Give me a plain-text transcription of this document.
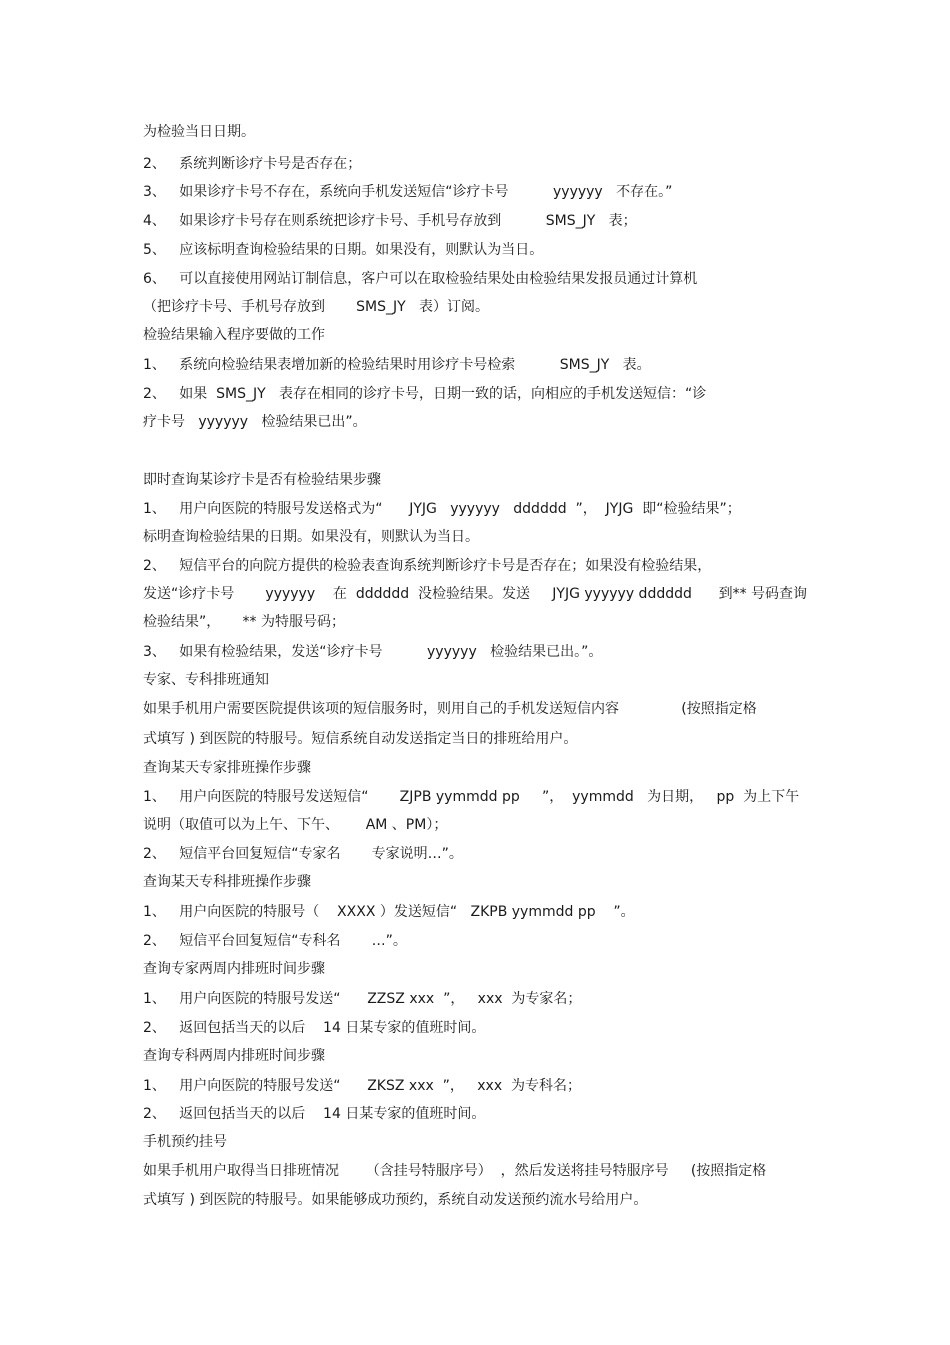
为检验当日日期。
2、   系统判断诊疗卡号是否存在；
3、   如果诊疗卡号不存在，系统向手机发送短信“诊疗卡号          yyyyyy   不存在。”
4、   如果诊疗卡号存在则系统把诊疗卡号、手机号存放到          SMS_JY   表；
5、   应该标明查询检验结果的日期。如果没有，则默认为当日。
6、   可以直接使用网站订制信息，客户可以在取检验结果处由检验结果发报员通过计算机
（把诊疗卡号、手机号存放到       SMS_JY   表）订阅。
检验结果输入程序要做的工作
1、   系统向检验结果表增加新的检验结果时用诊疗卡号检索          SMS_JY   表。
2、   如果  SMS_JY   表存在相同的诊疗卡号，日期一致的话，向相应的手机发送短信：“诊
疗卡号   yyyyyy   检验结果已出”。
即时查询某诊疗卡是否有检验结果步骤
1、   用户向医院的特服号发送格式为“      JYJG   yyyyyy   dddddd  ”，  JYJG  即“检验结果”；
标明查询检验结果的日期。如果没有，则默认为当日。
2、   短信平台的向院方提供的检验表查询系统判断诊疗卡号是否存在；如果没有检验结果，
发送“诊疗卡号       yyyyyy    在  dddddd  没检验结果。发送     JYJG yyyyyy dddddd      到** 号码查询
检验结果”，     ** 为特服号码；
3、   如果有检验结果，发送“诊疗卡号          yyyyyy   检验结果已出。”。
专家、专科排班通知
如果手机用户需要医院提供该项的短信服务时，则用自己的手机发送短信内容              (按照指定格
式填写 ) 到医院的特服号。短信系统自动发送指定当日的排班给用户。
查询某天专家排班操作步骤
1、   用户向医院的特服号发送短信“       ZJPB yymmdd pp     ”，  yymmdd   为日期，   pp  为上下午
说明（取值可以为上午、下午、      AM 、PM）；
2、   短信平台回复短信“专家名       专家说明…”。
查询某天专科排班操作步骤
1、   用户向医院的特服号（    XXXX ）发送短信“   ZKPB yymmdd pp    ”。
2、   短信平台回复短信“专科名       …”。
查询专家两周内排班时间步骤
1、   用户向医院的特服号发送“      ZZSZ xxx  ”，   xxx  为专家名；
2、   返回包括当天的以后    14 日某专家的值班时间。
查询专科两周内排班时间步骤
1、   用户向医院的特服号发送“      ZKSZ xxx  ”，   xxx  为专科名；
2、   返回包括当天的以后    14 日某专家的值班时间。
手机预约挂号
如果手机用户取得当日排班情况      （含挂号特服序号）  ，然后发送将挂号特服序号     (按照指定格
式填写 ) 到医院的特服号。如果能够成功预约，系统自动发送预约流水号给用户。
